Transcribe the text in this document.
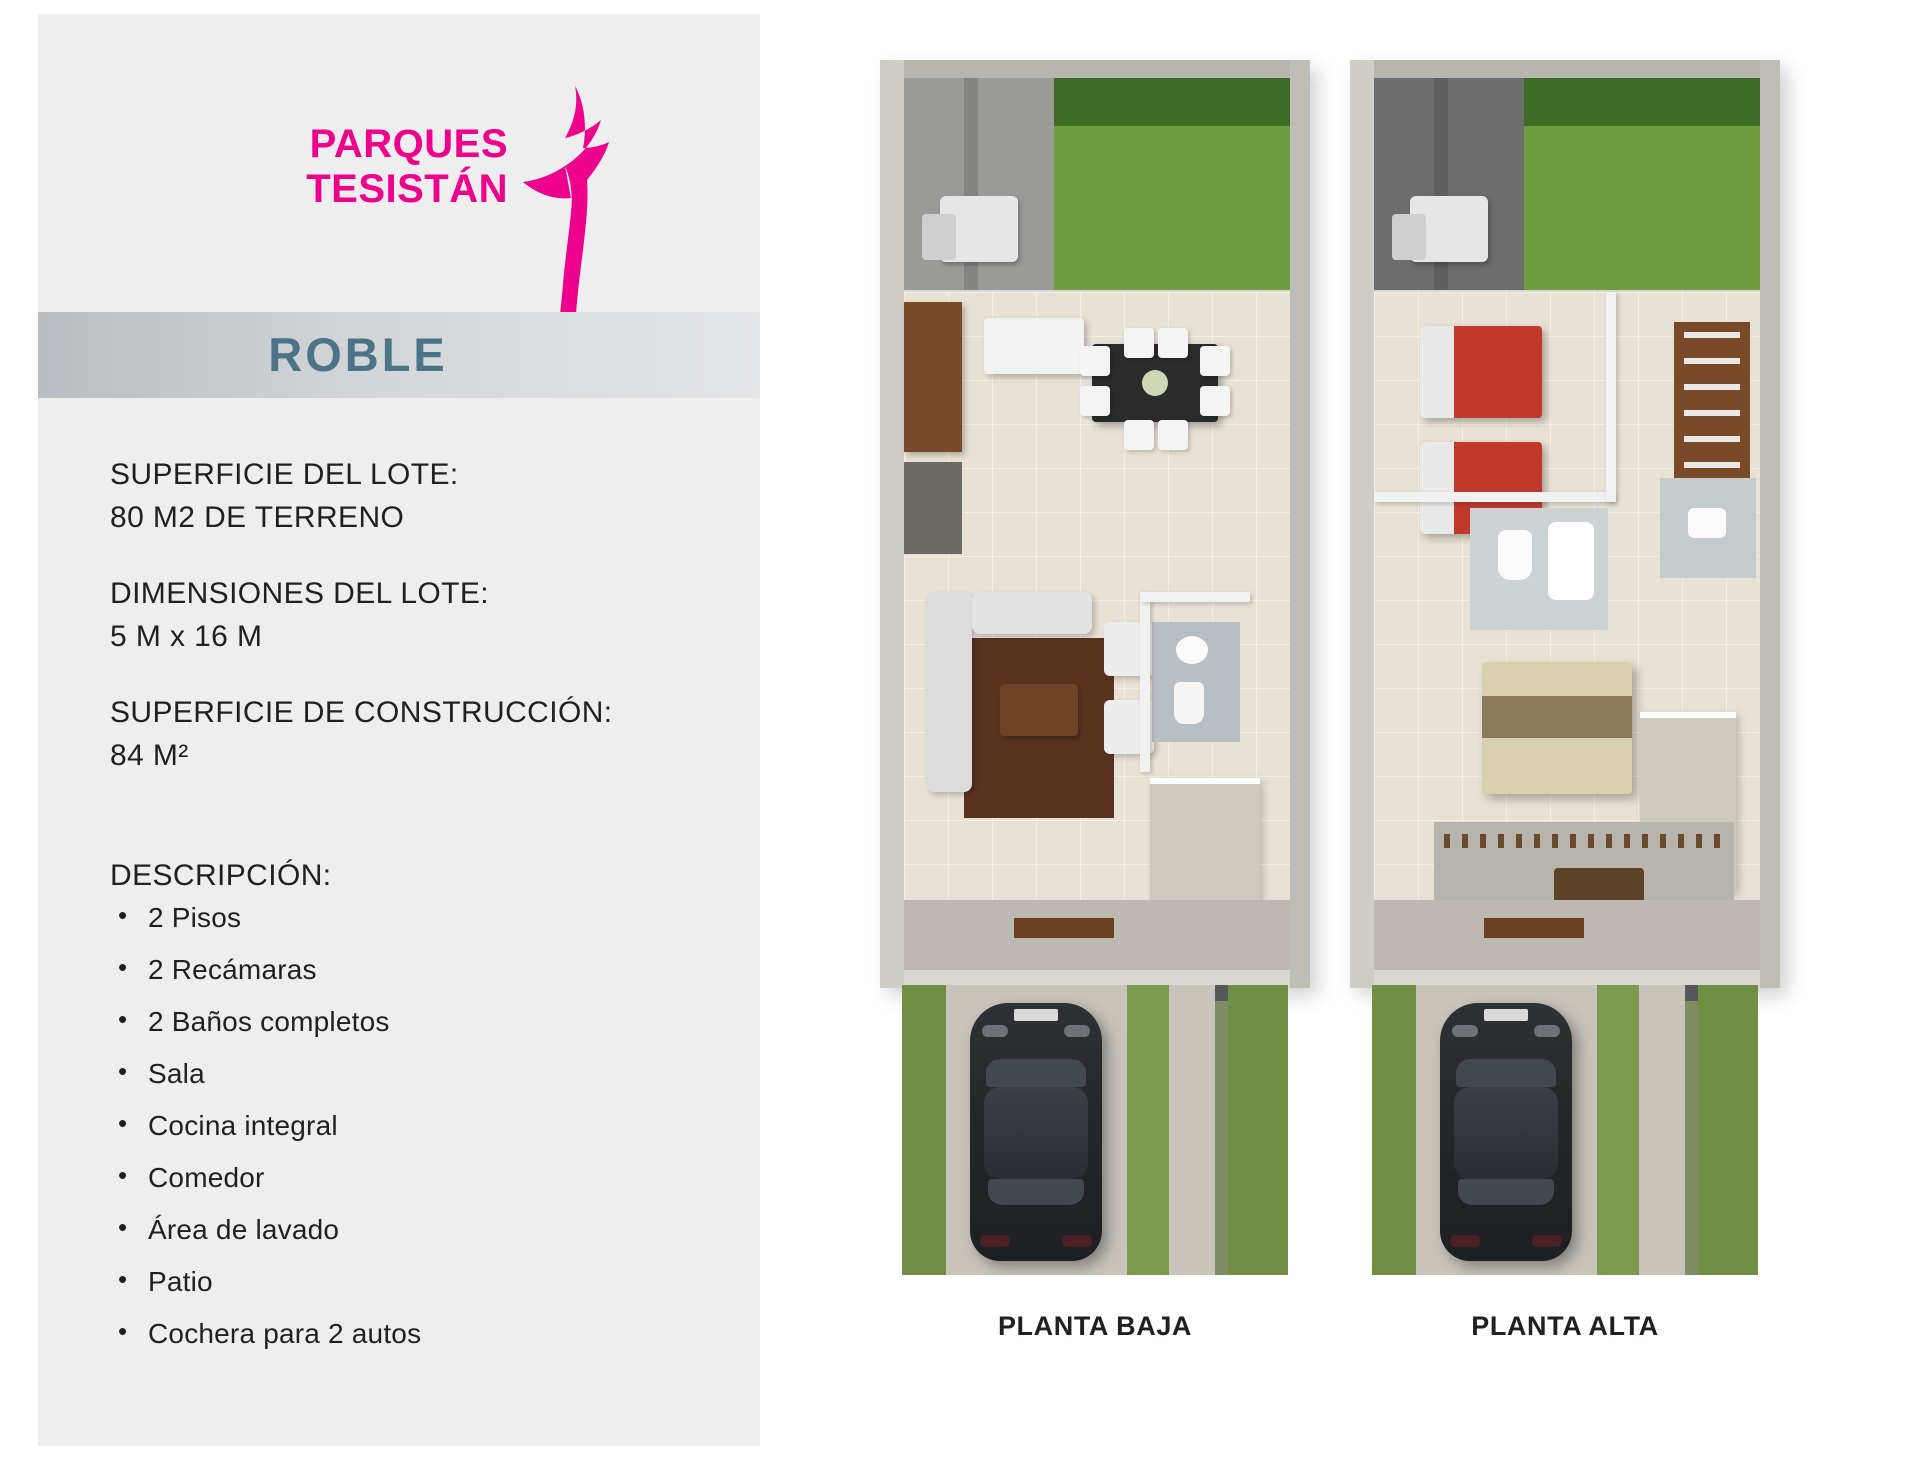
PARQUES
TESISTÁN
ROBLE
SUPERFICIE DEL LOTE:
80 M2 DE TERRENO
DIMENSIONES DEL LOTE:
5 M x 16 M
SUPERFICIE DE CONSTRUCCIÓN:
84 M²
DESCRIPCIÓN:
• 2 Pisos
• 2 Recámaras
• 2 Baños completos
• Sala
• Cocina integral
• Comedor
• Área de lavado
• Patio
• Cochera para 2 autos	PLANTA BAJA	PLANTA ALTA
